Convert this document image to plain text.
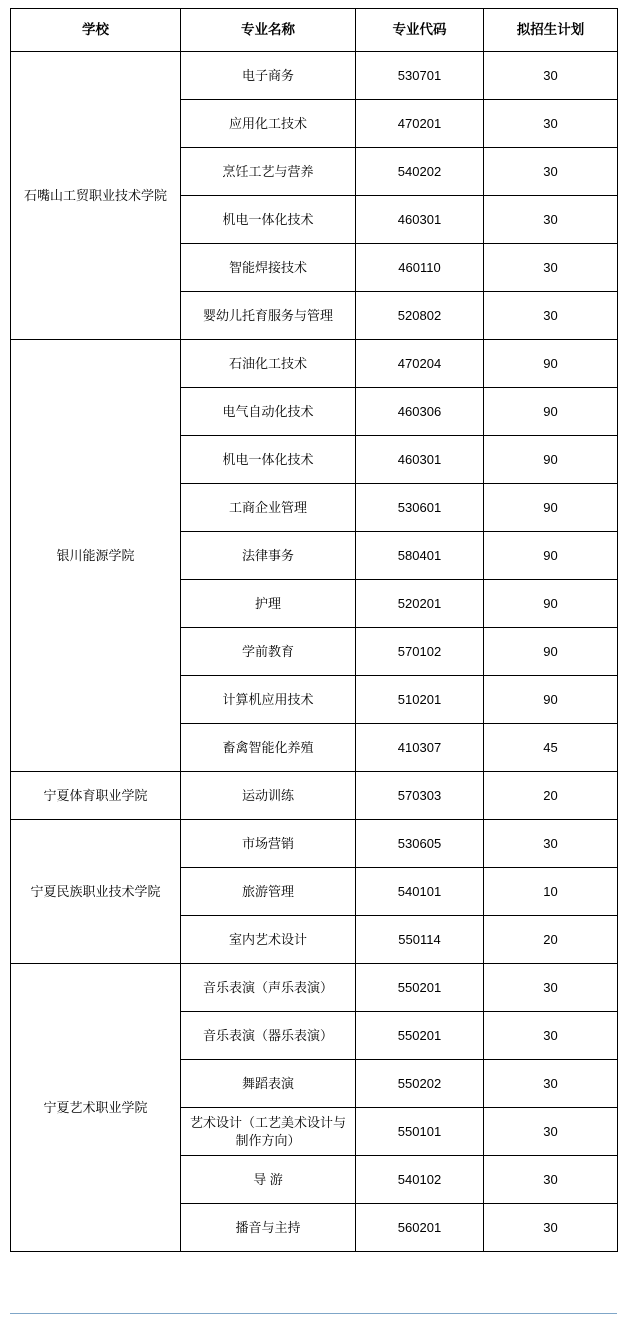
学校	专业名称	专业代码	拟招生计划
石嘴山工贸职业技术学院	电子商务	530701	30
	应用化工技术	470201	30
	烹饪工艺与营养	540202	30
	机电一体化技术	460301	30
	智能焊接技术	460110	30
	婴幼儿托育服务与管理	520802	30
银川能源学院	石油化工技术	470204	90
	电气自动化技术	460306	90
	机电一体化技术	460301	90
	工商企业管理	530601	90
	法律事务	580401	90
	护理	520201	90
	学前教育	570102	90
	计算机应用技术	510201	90
	畜禽智能化养殖	410307	45
宁夏体育职业学院	运动训练	570303	20
宁夏民族职业技术学院	市场营销	530605	30
	旅游管理	540101	10
	室内艺术设计	550114	20
宁夏艺术职业学院	音乐表演（声乐表演）	550201	30
	音乐表演（器乐表演）	550201	30
	舞蹈表演	550202	30
	艺术设计（工艺美术设计与制作方向）	550101	30
	导 游	540102	30
	播音与主持	560201	30
